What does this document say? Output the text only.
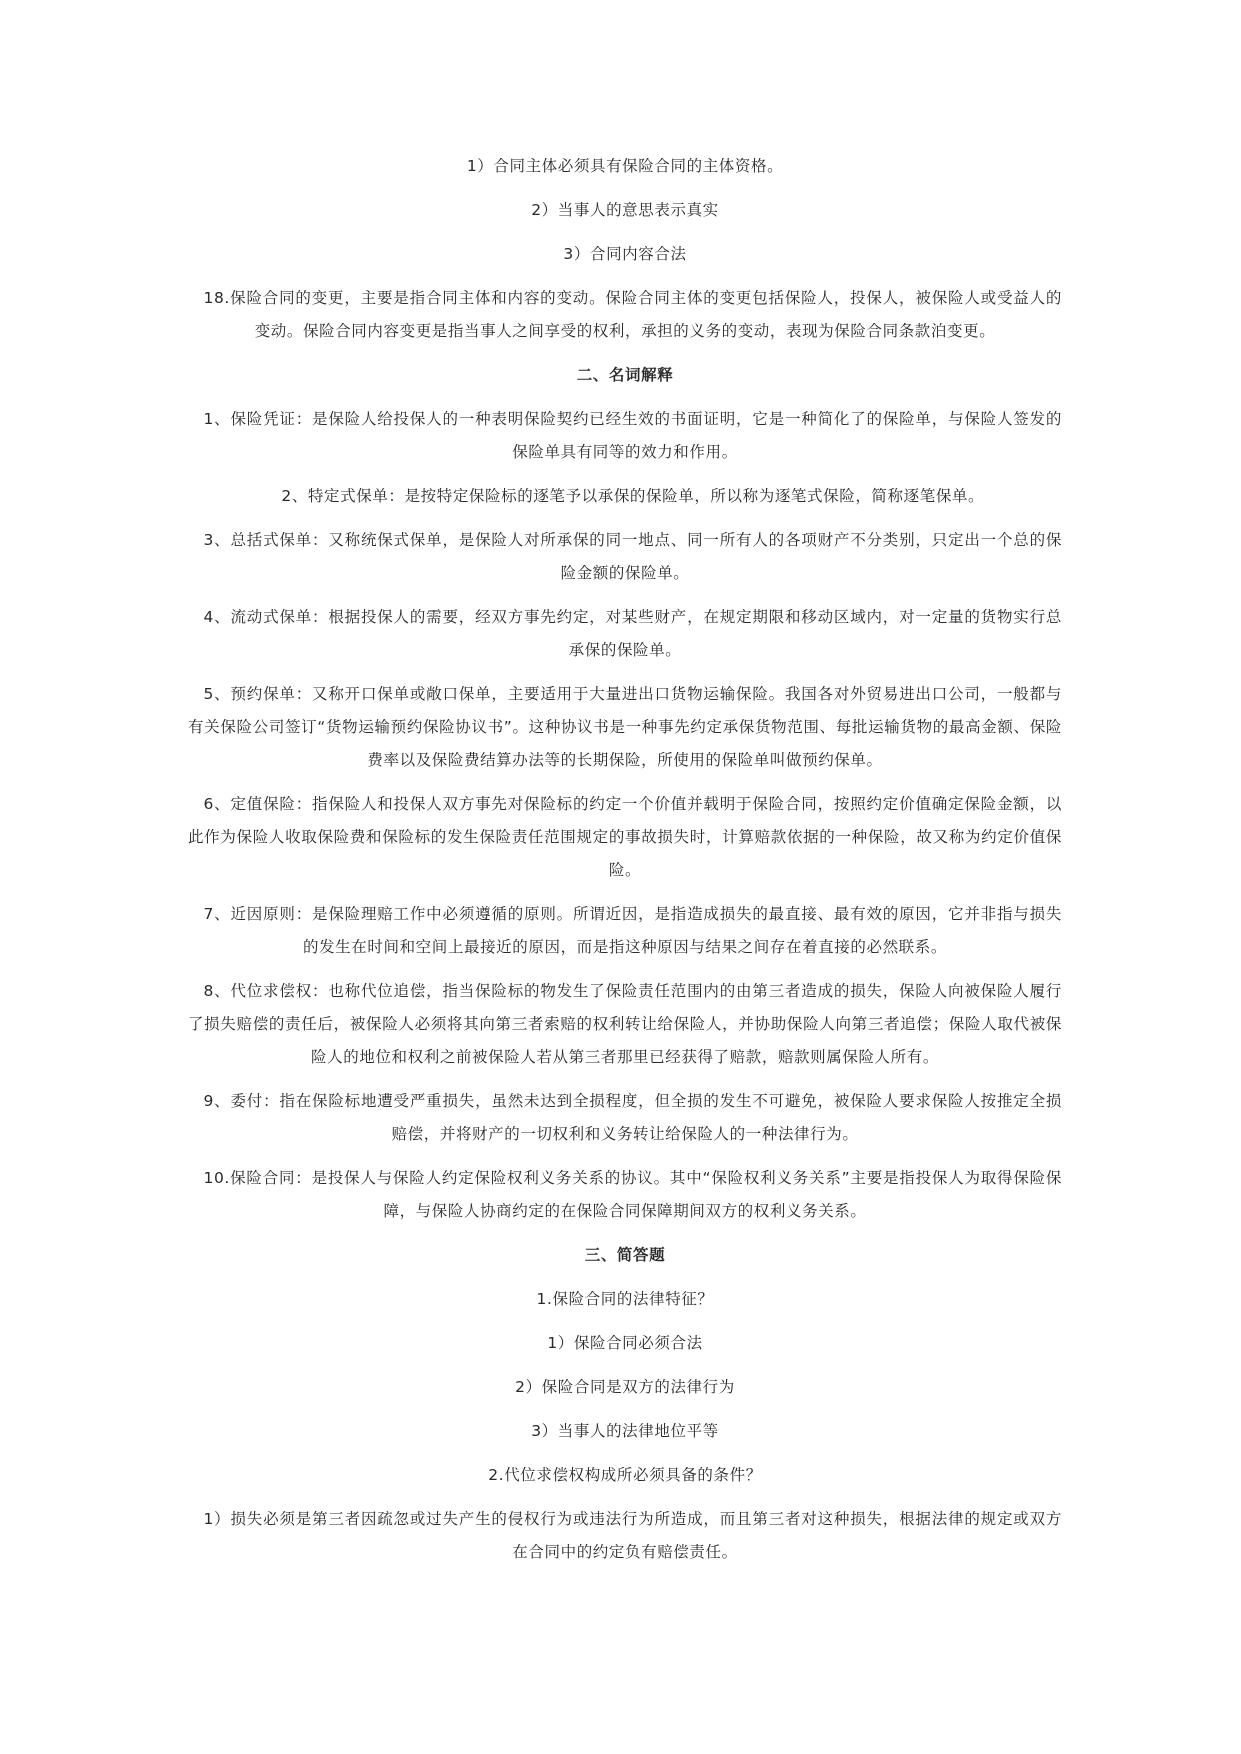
1）合同主体必须具有保险合同的主体资格。

2）当事人的意思表示真实

3）合同内容合法

18.保险合同的变更，主要是指合同主体和内容的变动。保险合同主体的变更包括保险人，投保人，被保险人或受益人的变动。保险合同内容变更是指当事人之间享受的权利，承担的义务的变动，表现为保险合同条款泊变更。

二、名词解释

1、保险凭证：是保险人给投保人的一种表明保险契约已经生效的书面证明，它是一种简化了的保险单，与保险人签发的保险单具有同等的效力和作用。

2、特定式保单：是按特定保险标的逐笔予以承保的保险单，所以称为逐笔式保险，简称逐笔保单。

3、总括式保单：又称统保式保单，是保险人对所承保的同一地点、同一所有人的各项财产不分类别，只定出一个总的保险金额的保险单。

4、流动式保单：根据投保人的需要，经双方事先约定，对某些财产，在规定期限和移动区域内，对一定量的货物实行总承保的保险单。

5、预约保单：又称开口保单或敞口保单，主要适用于大量进出口货物运输保险。我国各对外贸易进出口公司，一般都与有关保险公司签订“货物运输预约保险协议书”。这种协议书是一种事先约定承保货物范围、每批运输货物的最高金额、保险费率以及保险费结算办法等的长期保险，所使用的保险单叫做预约保单。

6、定值保险：指保险人和投保人双方事先对保险标的约定一个价值并载明于保险合同，按照约定价值确定保险金额，以此作为保险人收取保险费和保险标的发生保险责任范围规定的事故损失时，计算赔款依据的一种保险，故又称为约定价值保险。

7、近因原则：是保险理赔工作中必须遵循的原则。所谓近因，是指造成损失的最直接、最有效的原因，它并非指与损失的发生在时间和空间上最接近的原因，而是指这种原因与结果之间存在着直接的必然联系。

8、代位求偿权：也称代位追偿，指当保险标的物发生了保险责任范围内的由第三者造成的损失，保险人向被保险人履行了损失赔偿的责任后，被保险人必须将其向第三者索赔的权利转让给保险人，并协助保险人向第三者追偿；保险人取代被保险人的地位和权利之前被保险人若从第三者那里已经获得了赔款，赔款则属保险人所有。

9、委付：指在保险标地遭受严重损失，虽然未达到全损程度，但全损的发生不可避免，被保险人要求保险人按推定全损赔偿，并将财产的一切权利和义务转让给保险人的一种法律行为。

10.保险合同：是投保人与保险人约定保险权利义务关系的协议。其中“保险权利义务关系”主要是指投保人为取得保险保障，与保险人协商约定的在保险合同保障期间双方的权利义务关系。

三、简答题

1.保险合同的法律特征？

1）保险合同必须合法

2）保险合同是双方的法律行为

3）当事人的法律地位平等

2.代位求偿权构成所必须具备的条件？

1）损失必须是第三者因疏忽或过失产生的侵权行为或违法行为所造成，而且第三者对这种损失，根据法律的规定或双方在合同中的约定负有赔偿责任。
